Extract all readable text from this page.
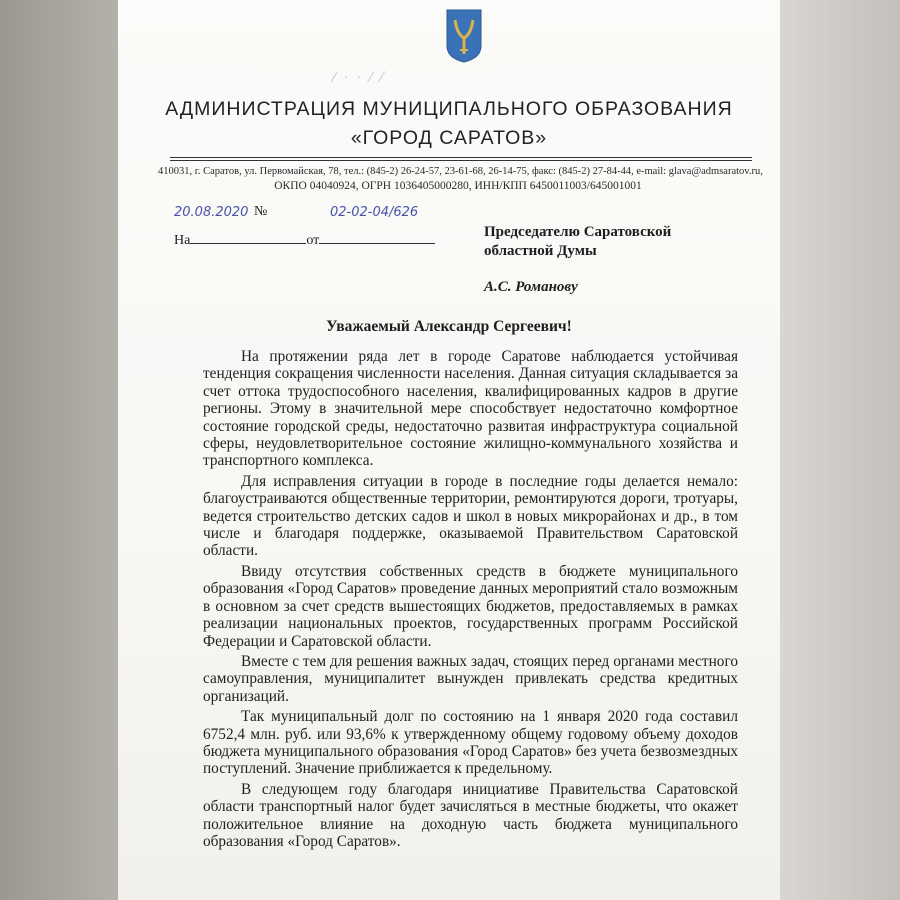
⁄ · · ⁄ ⁄
АДМИНИСТРАЦИЯ МУНИЦИПАЛЬНОГО ОБРАЗОВАНИЯ
«ГОРОД САРАТОВ»
410031, г. Саратов, ул. Первомайская, 78, тел.: (845-2) 26-24-57, 23-61-68, 26-14-75, факс: (845-2) 27-84-44, e-mail: glava@admsaratov.ru,
ОКПО 04040924, ОГРН 1036405000280, ИНН/КПП 6450011003/645001001
20.08.2020 №	02-02-04/626
На	от
Председателю Саратовской
областной Думы
А.С. Романову
Уважаемый Александр Сергеевич!

На протяжении ряда лет в городе Саратове наблюдается устойчивая тенденция сокращения численности населения. Данная ситуация складывается за счет оттока трудоспособного населения, квалифицированных кадров в другие регионы. Этому в значительной мере способствует недостаточно комфортное состояние городской среды, недостаточно развитая инфраструктура социальной сферы, неудовлетворительное состояние жилищно-коммунального хозяйства и транспортного комплекса.

Для исправления ситуации в городе в последние годы делается немало: благоустраиваются общественные территории, ремонтируются дороги, тротуары, ведется строительство детских садов и школ в новых микрорайонах и др., в том числе и благодаря поддержке, оказываемой Правительством Саратовской области.

Ввиду отсутствия собственных средств в бюджете муниципального образования «Город Саратов» проведение данных мероприятий стало возможным в основном за счет средств вышестоящих бюджетов, предоставляемых в рамках реализации национальных проектов, государственных программ Российской Федерации и Саратовской области.

Вместе с тем для решения важных задач, стоящих перед органами местного самоуправления, муниципалитет вынужден привлекать средства кредитных организаций.

Так муниципальный долг по состоянию на 1 января 2020 года составил 6752,4 млн. руб. или 93,6% к утвержденному общему годовому объему доходов бюджета муниципального образования «Город Саратов» без учета безвозмездных поступлений. Значение приближается к предельному.

В следующем году благодаря инициативе Правительства Саратовской области транспортный налог будет зачисляться в местные бюджеты, что окажет положительное влияние на доходную часть бюджета муниципального образования «Город Саратов».
